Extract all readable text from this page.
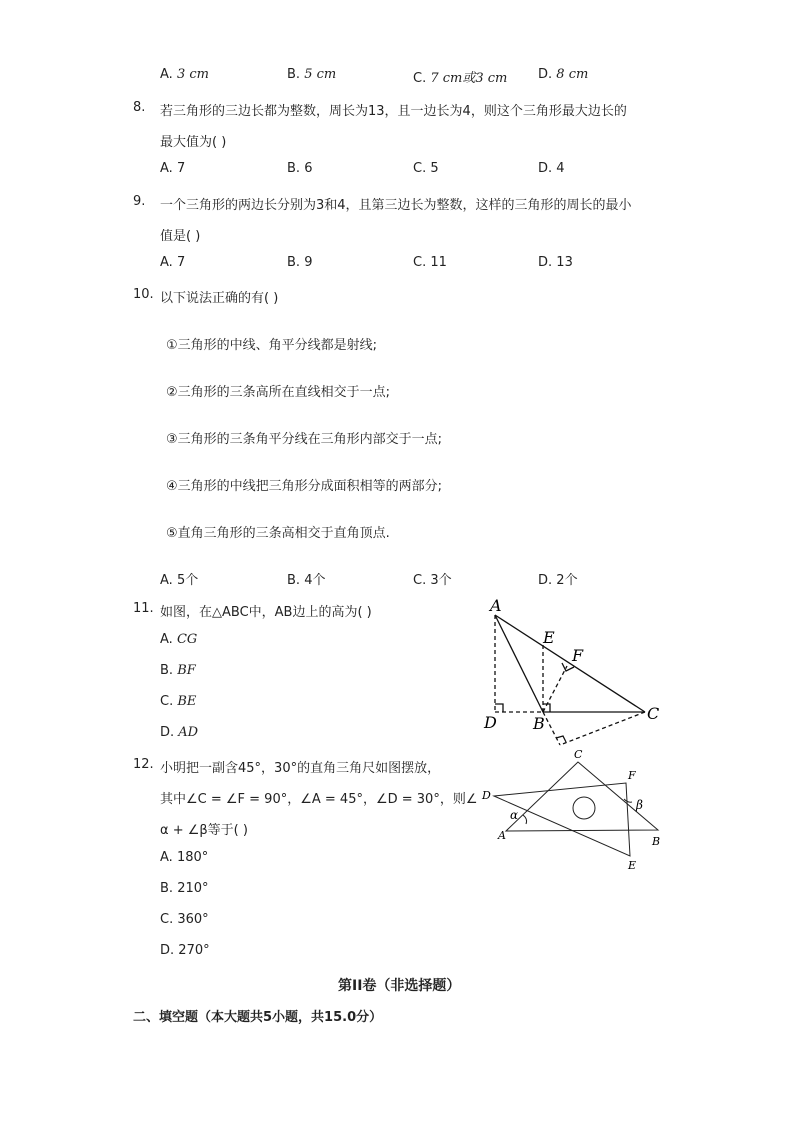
A. 3 cm	B. 5 cm	C. 7 cm或3 cm D. 8 cm
8. 若三角形的三边长都为整数，周长为13，且一边长为4，则这个三角形最大边长的
最大值为( )
A. 7	B. 6	C. 5	D. 4
9. 一个三角形的两边长分别为3和4，且第三边长为整数，这样的三角形的周长的最小
值是( )
A. 7	B. 9	C. 11	D. 13
10. 以下说法正确的有( )
①三角形的中线、角平分线都是射线;
②三角形的三条高所在直线相交于一点;
③三角形的三条角平分线在三角形内部交于一点;
④三角形的中线把三角形分成面积相等的两部分;
⑤直角三角形的三条高相交于直角顶点.
A. 5个	B. 4个	C. 3个	D. 2个
11. 如图，在△ABC中，AB边上的高为( )
A. CG
B. BF
C. BE
D. AD
A
E
F
D B
C
12. 小明把一副含45°，30°的直角三角尺如图摆放，
其中∠C = ∠F = 90°，∠A = 45°，∠D = 30°，则∠
α + ∠β等于( )
A. 180°
B. 210°
C. 360°
D. 270°
C
F
D
β
α
A	B
E
第II卷（非选择题）
二、填空题（本大题共5小题，共15.0分）
